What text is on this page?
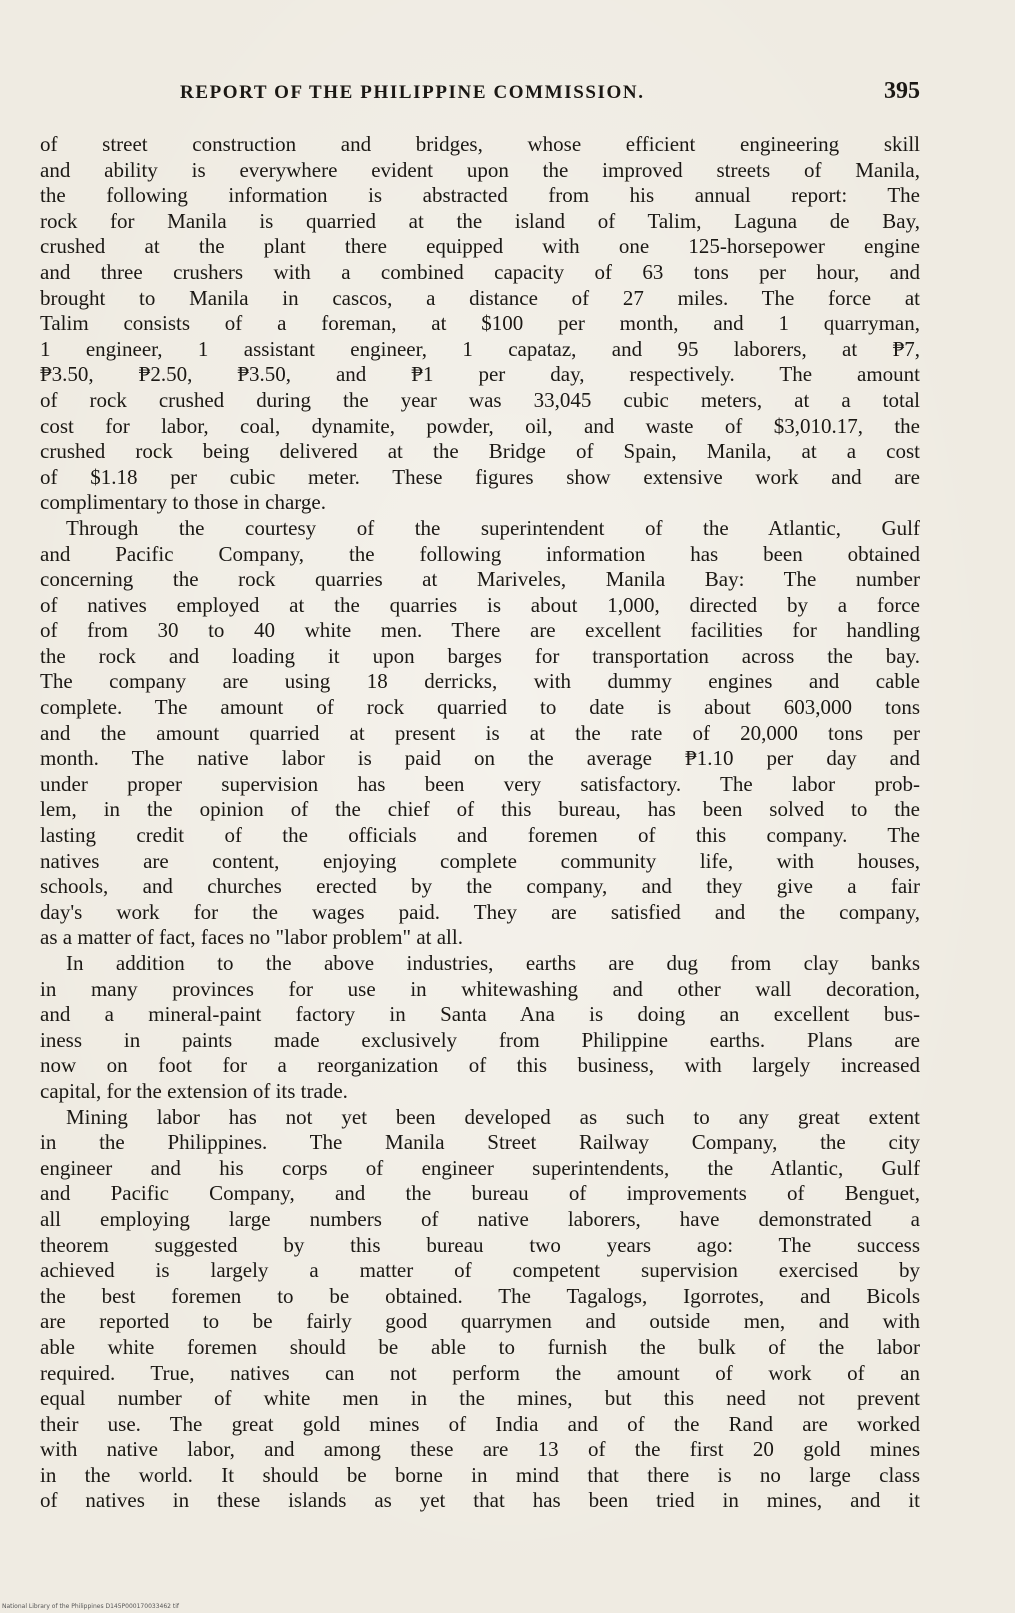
REPORT OF THE PHILIPPINE COMMISSION.	395
of street construction and bridges, whose efficient engineering skill
and ability is everywhere evident upon the improved streets of Manila,
the following information is abstracted from his annual report: The
rock for Manila is quarried at the island of Talim, Laguna de Bay,
crushed at the plant there equipped with one 125-horsepower engine
and three crushers with a combined capacity of 63 tons per hour, and
brought to Manila in cascos, a distance of 27 miles. The force at
Talim consists of a foreman, at $100 per month, and 1 quarryman,
1 engineer, 1 assistant engineer, 1 capataz, and 95 laborers, at ₱7,
₱3.50, ₱2.50, ₱3.50, and ₱1 per day, respectively. The amount
of rock crushed during the year was 33,045 cubic meters, at a total
cost for labor, coal, dynamite, powder, oil, and waste of $3,010.17, the
crushed rock being delivered at the Bridge of Spain, Manila, at a cost
of $1.18 per cubic meter. These figures show extensive work and are
complimentary to those in charge.
Through the courtesy of the superintendent of the Atlantic, Gulf
and Pacific Company, the following information has been obtained
concerning the rock quarries at Mariveles, Manila Bay: The number
of natives employed at the quarries is about 1,000, directed by a force
of from 30 to 40 white men. There are excellent facilities for handling
the rock and loading it upon barges for transportation across the bay.
The company are using 18 derricks, with dummy engines and cable
complete. The amount of rock quarried to date is about 603,000 tons
and the amount quarried at present is at the rate of 20,000 tons per
month. The native labor is paid on the average ₱1.10 per day and
under proper supervision has been very satisfactory. The labor prob-
lem, in the opinion of the chief of this bureau, has been solved to the
lasting credit of the officials and foremen of this company. The
natives are content, enjoying complete community life, with houses,
schools, and churches erected by the company, and they give a fair
day's work for the wages paid. They are satisfied and the company,
as a matter of fact, faces no "labor problem" at all.
In addition to the above industries, earths are dug from clay banks
in many provinces for use in whitewashing and other wall decoration,
and a mineral-paint factory in Santa Ana is doing an excellent bus-
iness in paints made exclusively from Philippine earths. Plans are
now on foot for a reorganization of this business, with largely increased
capital, for the extension of its trade.
Mining labor has not yet been developed as such to any great extent
in the Philippines. The Manila Street Railway Company, the city
engineer and his corps of engineer superintendents, the Atlantic, Gulf
and Pacific Company, and the bureau of improvements of Benguet,
all employing large numbers of native laborers, have demonstrated a
theorem suggested by this bureau two years ago: The success
achieved is largely a matter of competent supervision exercised by
the best foremen to be obtained. The Tagalogs, Igorrotes, and Bicols
are reported to be fairly good quarrymen and outside men, and with
able white foremen should be able to furnish the bulk of the labor
required. True, natives can not perform the amount of work of an
equal number of white men in the mines, but this need not prevent
their use. The great gold mines of India and of the Rand are worked
with native labor, and among these are 13 of the first 20 gold mines
in the world. It should be borne in mind that there is no large class
of natives in these islands as yet that has been tried in mines, and it
National Library of the Philippines D145P000170033462 tif
